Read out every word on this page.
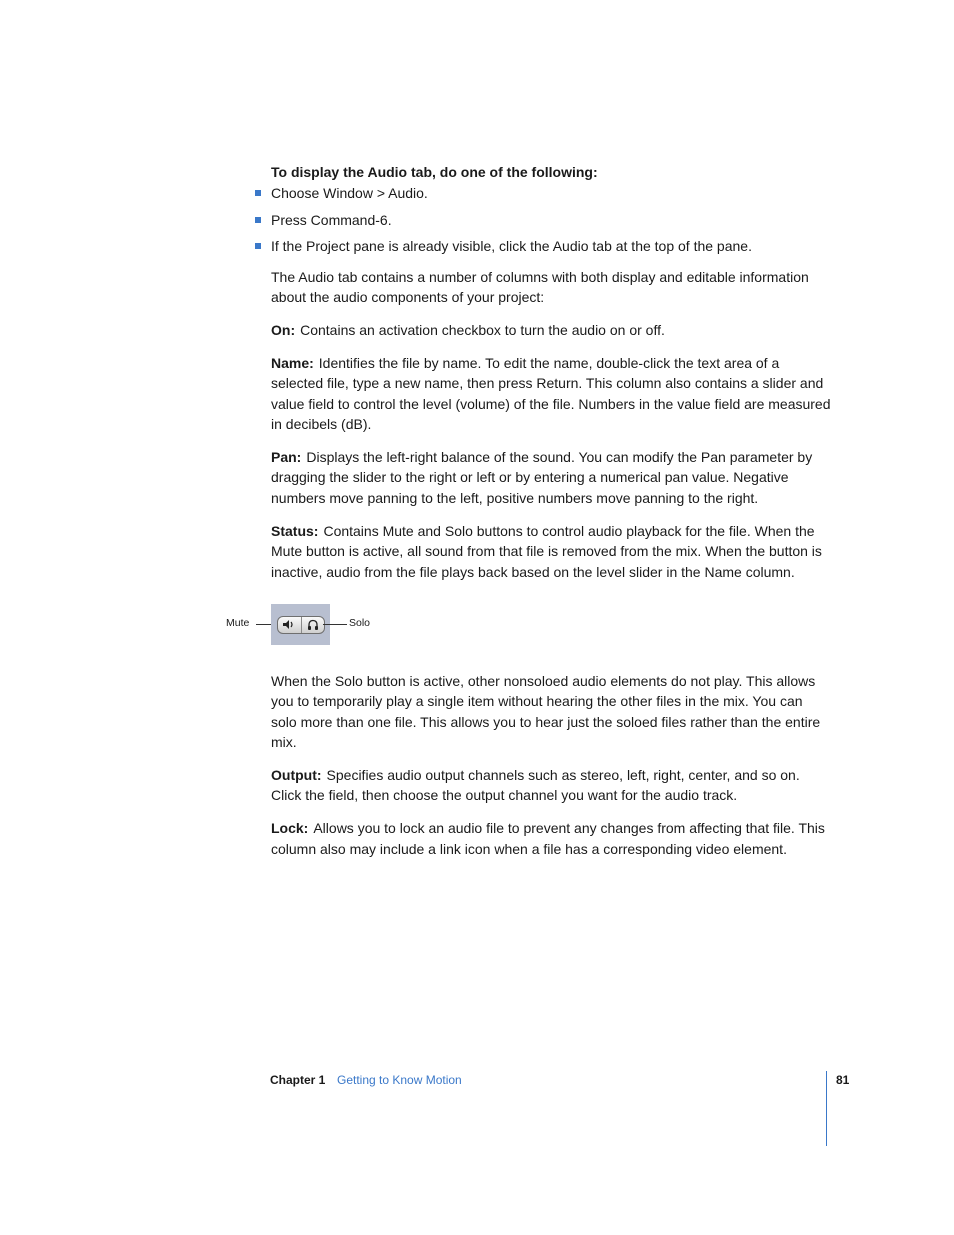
To display the Audio tab, do one of the following:
Choose Window > Audio.
Press Command-6.
If the Project pane is already visible, click the Audio tab at the top of the pane.

The Audio tab contains a number of columns with both display and editable information about the audio components of your project:

On: Contains an activation checkbox to turn the audio on or off.

Name: Identifies the file by name. To edit the name, double-click the text area of a selected file, type a new name, then press Return. This column also contains a slider and value field to control the level (volume) of the file. Numbers in the value field are measured in decibels (dB).

Pan: Displays the left-right balance of the sound. You can modify the Pan parameter by dragging the slider to the right or left or by entering a numerical pan value. Negative numbers move panning to the left, positive numbers move panning to the right.

Status: Contains Mute and Solo buttons to control audio playback for the file. When the Mute button is active, all sound from that file is removed from the mix. When the button is inactive, audio from the file plays back based on the level slider in the Name column.

Mute	Solo

When the Solo button is active, other nonsoloed audio elements do not play. This allows you to temporarily play a single item without hearing the other files in the mix. You can solo more than one file. This allows you to hear just the soloed files rather than the entire mix.

Output: Specifies audio output channels such as stereo, left, right, center, and so on. Click the field, then choose the output channel you want for the audio track.

Lock: Allows you to lock an audio file to prevent any changes from affecting that file. This column also may include a link icon when a file has a corresponding video element.

Chapter 1 Getting to Know Motion	81
